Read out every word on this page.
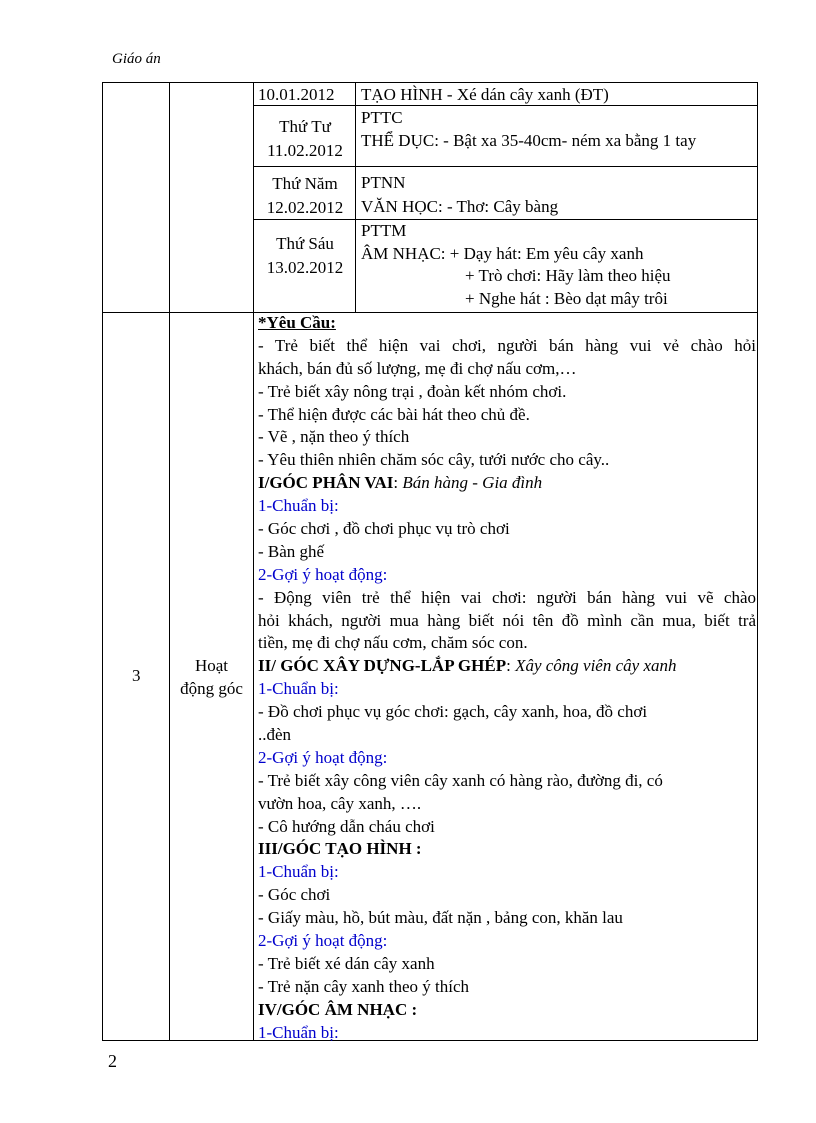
Giáo án
10.01.2012 TẠO HÌNH - Xé dán cây xanh (ĐT)
Thứ Tư
11.02.2012
PTTC
THỂ DỤC: - Bật xa 35-40cm- ném xa bằng 1 tay
Thứ Năm
12.02.2012
PTNN
VĂN HỌC: - Thơ: Cây bàng
Thứ Sáu
13.02.2012
PTTM
ÂM NHẠC: + Dạy hát: Em yêu cây xanh
+ Trò chơi: Hãy làm theo hiệu
+ Nghe hát : Bèo dạt mây trôi
3
Hoạt
động góc
*Yêu Cầu:
- Trẻ biết thể hiện vai chơi, người bán hàng vui vẻ chào hỏi
khách, bán đủ số lượng, mẹ đi chợ nấu cơm,…
- Trẻ biết xây nông trại , đoàn kết nhóm chơi.
- Thể hiện được các bài hát theo chủ đề.
- Vẽ , nặn theo ý thích
- Yêu thiên nhiên chăm sóc cây, tưới nước cho cây..
I/GÓC PHÂN VAI: Bán hàng - Gia đình
1-Chuẩn bị:
- Góc chơi , đồ chơi phục vụ trò chơi
- Bàn ghế
2-Gợi ý hoạt động:
- Động viên trẻ thể hiện vai chơi: người bán hàng vui vẽ chào
hỏi khách, người mua hàng biết nói tên đồ mình cần mua, biết trả
tiền, mẹ đi chợ nấu cơm, chăm sóc con.
II/ GÓC XÂY DỰNG-LẮP GHÉP: Xây công viên cây xanh
1-Chuẩn bị:
- Đồ chơi phục vụ góc chơi: gạch, cây xanh, hoa, đồ chơi
..đèn
2-Gợi ý hoạt động:
- Trẻ biết xây công viên cây xanh có hàng rào, đường đi, có
vườn hoa, cây xanh, ….
- Cô hướng dẫn cháu chơi
III/GÓC TẠO HÌNH :
1-Chuẩn bị:
- Góc chơi
- Giấy màu, hồ, bút màu, đất nặn , bảng con, khăn lau
2-Gợi ý hoạt động:
- Trẻ biết xé dán cây xanh
- Trẻ nặn cây xanh theo ý thích
IV/GÓC ÂM NHẠC :
1-Chuẩn bị:
2
